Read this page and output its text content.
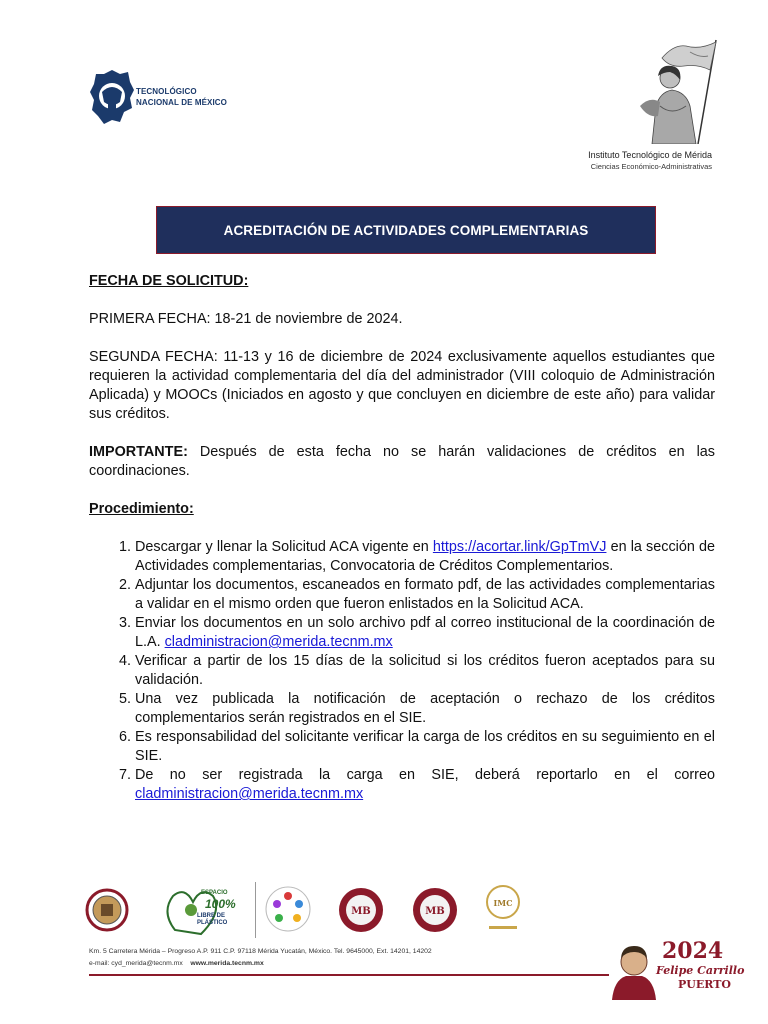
TECNOLÓGICO
NACIONAL DE MÉXICO
Instituto Tecnológico de Mérida
Ciencias Económico-Administrativas
ACREDITACIÓN DE ACTIVIDADES COMPLEMENTARIAS

FECHA DE SOLICITUD:

PRIMERA FECHA: 18-21 de noviembre de 2024.

SEGUNDA FECHA: 11-13 y 16 de diciembre de 2024 exclusivamente aquellos estudiantes que requieren la actividad complementaria del día del administrador (VIII coloquio de Administración Aplicada) y MOOCs (Iniciados en agosto y que concluyen en diciembre de este año) para validar sus créditos.

IMPORTANTE: Después de esta fecha no se harán validaciones de créditos en las coordinaciones.

Procedimiento:

1. Descargar y llenar la Solicitud ACA vigente en https://acortar.link/GpTmVJ en la sección de Actividades complementarias, Convocatoria de Créditos Complementarios.
2. Adjuntar los documentos, escaneados en formato pdf, de las actividades complementarias a validar en el mismo orden que fueron enlistados en la Solicitud ACA.
3. Enviar los documentos en un solo archivo pdf al correo institucional de la coordinación de L.A. cladministracion@merida.tecnm.mx
4. Verificar a partir de los 15 días de la solicitud si los créditos fueron aceptados para su validación.
5. Una vez publicada la notificación de aceptación o rechazo de los créditos complementarios serán registrados en el SIE.
6. Es responsabilidad del solicitante verificar la carga de los créditos en su seguimiento en el SIE.
7. De no ser registrada la carga en SIE, deberá reportarlo en el correo cladministracion@merida.tecnm.mx
ESPACIO
100%
LIBRE DE PLÁSTICO
MB	MB
IMC
Km. 5 Carretera Mérida – Progreso A.P. 911 C.P. 97118 Mérida Yucatán, México. Tel. 9645000, Ext. 14201, 14202
e-mail: cyd_merida@tecnm.mx www.merida.tecnm.mx	2024
Felipe Carrillo
PUERTO
